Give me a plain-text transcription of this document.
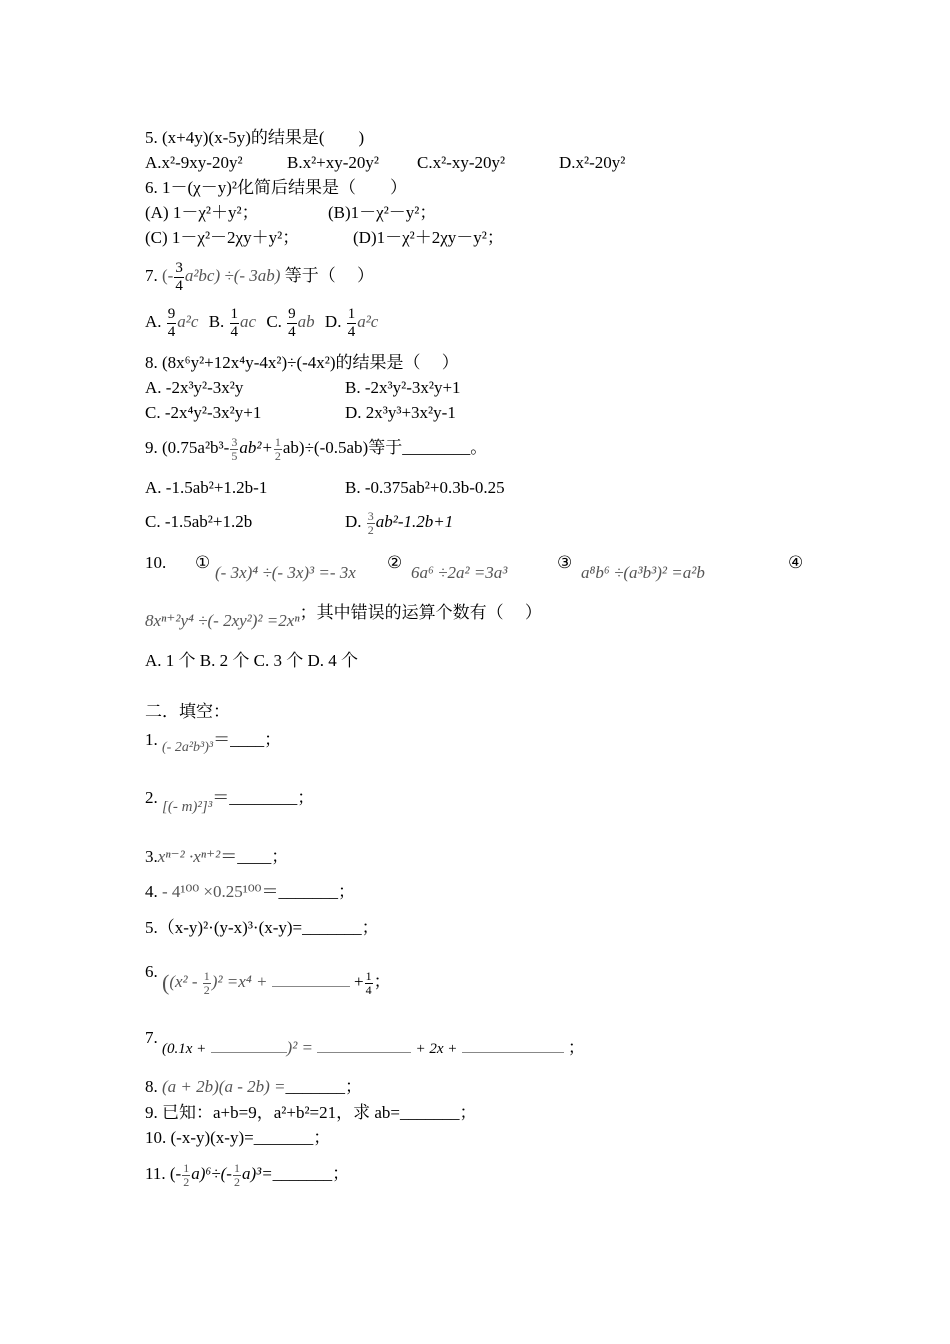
5. (x+4y)(x-5y)的结果是(　　)
A.x²-9xy-20y²	B.x²+xy-20y² C.x²-xy-20y²	D.x²-20y²
6. 1－(χ－y)²化简后结果是（　　）
(A) 1－χ²＋y²；	(B)1－χ²－y²；
(C) 1－χ²－2χy＋y²；	(D)1－χ²＋2χy－y²；
7. (- $\frac{3}{4} a^2bc$) ÷(- 3ab) 等于（　 ）
A. $\frac{9}{4} a^2c$ B. $\frac{1}{4}$ ac C. $\frac{9}{4}$ ab D. $\frac{1}{4} a^2c$
8. (8x⁶y²+12x⁴y-4x²)÷(-4x²)的结果是（　 ）
A. -2x³y²-3x²y	B. -2x³y²-3x²y+1
C. -2x⁴y²-3x²y+1	D. 2x³y³+3x²y-1
9. $(0.75a^2b^3- \frac{3}{5} ab^2+ \frac{1}{2} ab)\div(-0.5ab)$等于________。
A. -1.5ab²+1.2b-1	B. -0.375ab²+0.3b-0.25
C. -1.5ab²+1.2b	D. $\frac{3}{2} ab^2-1.2b+1$
10. ①
(- 3x)⁴ ÷(- 3x)³ =- 3x
②
6a⁶ ÷2a² =3a³
③
a⁸b⁶ ÷(a³b³)² =a²b
④
8xⁿ⁺²y⁴ ÷(- 2xy²)² =2xⁿ；其中错误的运算个数有（　 ）
A. 1 个 B. 2 个 C. 3 个 D. 4 个
二．填空：
1. $_{(- 2a^2b^3)^3}$＝____；
2. [(- m)²]³＝________；
3.xⁿ⁻² ·xⁿ⁺²＝____；
4. - 4¹⁰⁰ ×0.25¹⁰⁰＝_______；
5.（x-y)²·(y-x)³·(x-y)=_______；
6. ($(x^2 - \frac{1}{2} )^2 =x^4$ +	+ $\frac{1}{4}$ ；
7. (0.1x +	)² =	+ 2x +	；
8. (a + 2b)(a - 2b) =_______；
9. 已知：a+b=9，a²+b²=21，求 ab=_______；
10. (-x-y)(x-y)=_______；
11. (- $\frac{1}{2} a)^6\div(- \frac{1}{2}$ a)³=_______；
